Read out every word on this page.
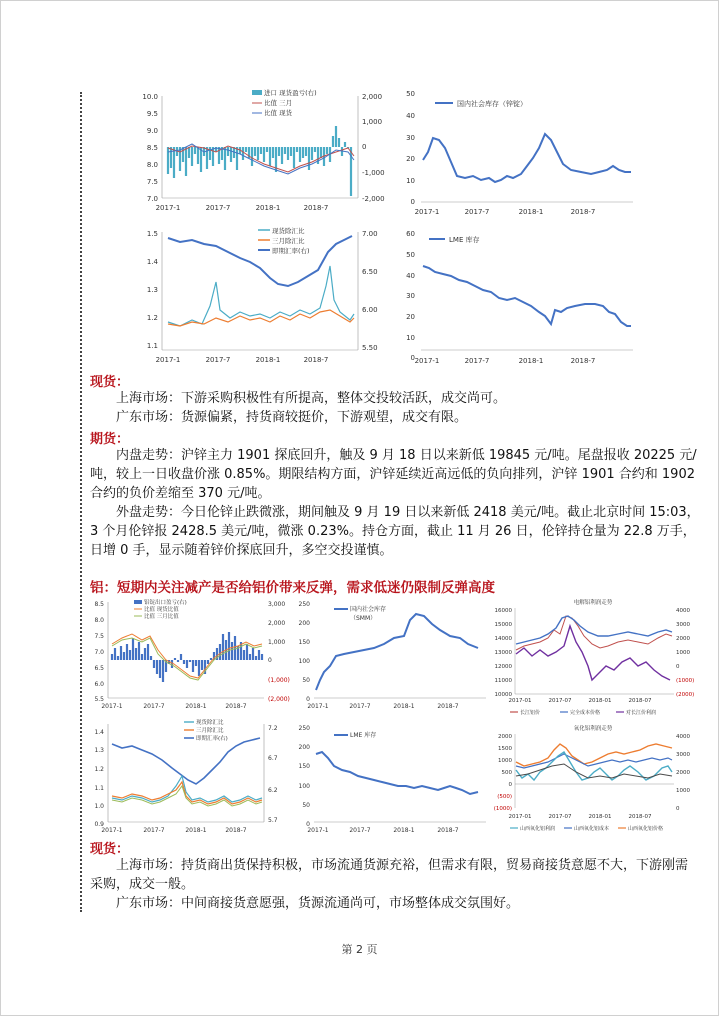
10.0
9.5
9.0
8.5
8.0
7.5
7.0
2,000
1,000
0
-1,000
-2,000
进口 现货盈亏(右)
比值 三月
比值 现货
2017-1	2017-7	2018-1	2018-7
50
40
30
20
10
0
国内社会库存（锌锭）
2017-1	2017-7	2018-1	2018-7
1.5
1.4
1.3
1.2
1.1
7.00
6.50
6.00
5.50
现货除汇比
三月除汇比
即期汇率(右)
2017-1	2017-7	2018-1	2018-7
60
50
40
30
20
10
0
LME 库存
2017-1	2017-7	2018-1	2018-7
现货：
上海市场：下游采购积极性有所提高，整体交投较活跃，成交尚可。
广东市场：货源偏紧，持货商较挺价，下游观望，成交有限。
期货：
内盘走势：沪锌主力 1901 探底回升，触及 9 月 18 日以来新低 19845 元/吨。尾盘报收 20225 元/吨，较上一日收盘价涨 0.85%。期限结构方面，沪锌延续近高远低的负向排列，沪锌 1901 合约和 1902 合约的负价差缩至 370 元/吨。
外盘走势：今日伦锌止跌微涨，期间触及 9 月 19 日以来新低 2418 美元/吨。截止北京时间 15:03，3 个月伦锌报 2428.5 美元/吨，微涨 0.23%。持仓方面，截止 11 月 26 日，伦锌持仓量为 22.8 万手，日增 0 手，显示随着锌价探底回升，多空交投谨慎。
铝：短期内关注减产是否给铝价带来反弹，需求低迷仍限制反弹高度
8.5
8.0
7.5
7.0
6.5
6.0
5.5
3,000
2,000
1,000
0
(1,000)
(2,000)
铝锭出口盈亏(右)
比值 现货比值
比值 三月比值
2017-1	2017-7	2018-1	2018-7
250
200
150
100
50
0
国内社会库存
（SMM）
2017-1	2017-7	2018-1	2018-7
电解铝利润走势
16000
15000
14000
13000
12000
11000
10000
4000
3000
2000
1000
0
(1000)
(2000)
2017-01	2017-07	2018-01	2018-07
长江铝价	完全成本价格	对长江价利润
1.4
1.3
1.2
1.1
1.0
0.9
7.2
6.7
6.2
5.7
现货除汇比
三月除汇比
即期汇率(右)
2017-1	2017-7	2018-1	2018-7
250
200
150
100
50
0
LME 库存
2017-1	2017-7	2018-1	2018-7
氧化铝利润走势
2000
1500
1000
500
0
(500)
(1000)
4000
3000
2000
1000
0
2017-01	2017-07	2018-01	2018-07
山西氧化铝利润	山西氧化铝成本	山西氧化铝价格
现货：
上海市场：持货商出货保持积极，市场流通货源充裕，但需求有限，贸易商接货意愿不大，下游刚需采购，成交一般。
广东市场：中间商接货意愿强，货源流通尚可，市场整体成交氛围好。
第 2 页
